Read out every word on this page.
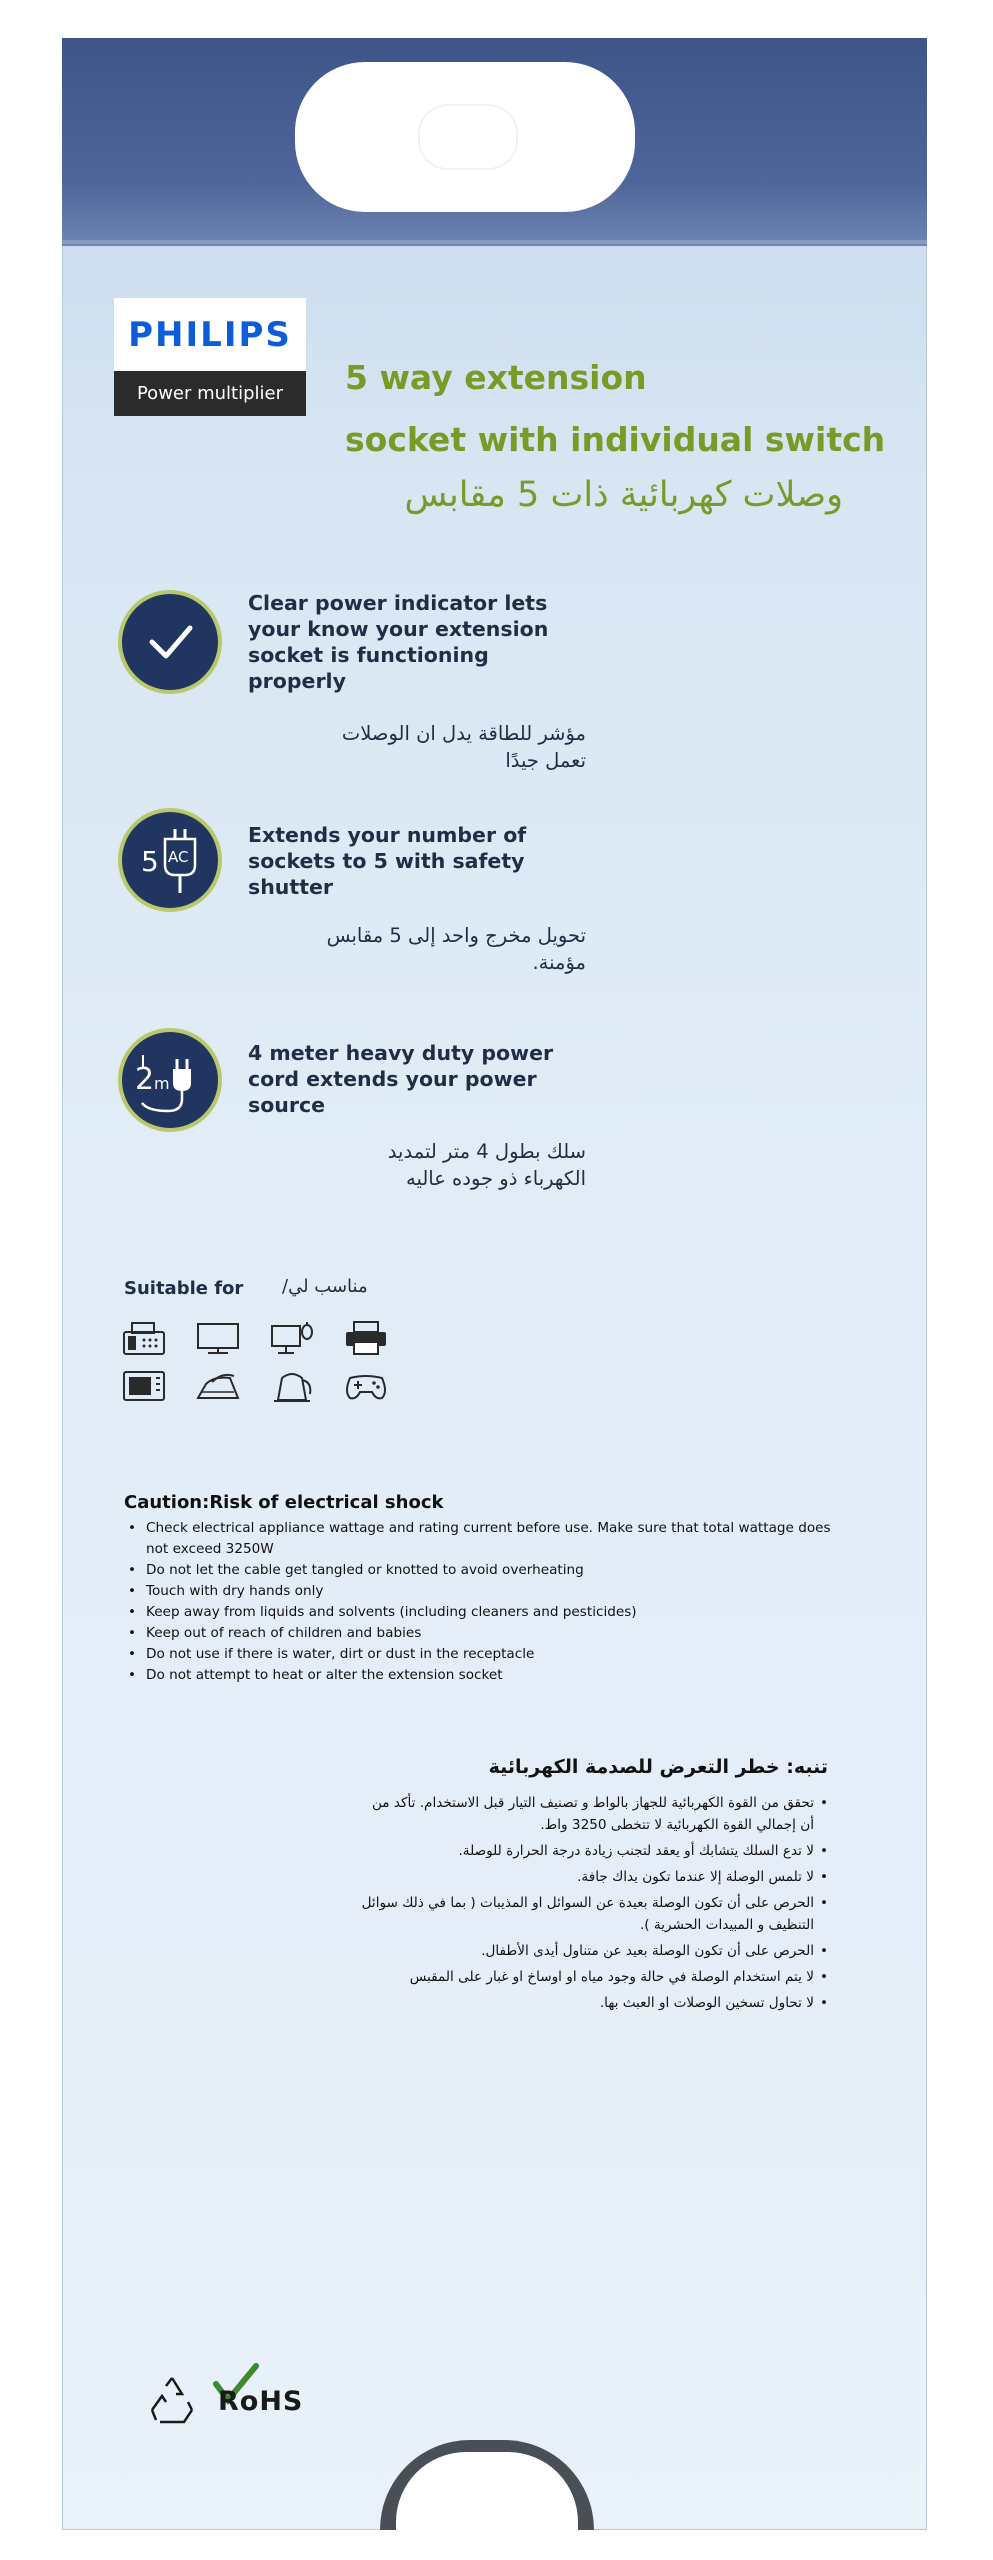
PHILIPS
Power multiplier	5 way extension
socket with individual switch
وصلات كهربائية ذات 5 مقابس
Clear power indicator lets your know your extension socket is functioning properly
مؤشر للطاقة يدل ان الوصلات تعمل جيدًا
5 AC
Extends your number of sockets to 5 with safety shutter
تحويل مخرج واحد إلى 5 مقابس مؤمنة.
2 m
4 meter heavy duty power cord extends your power source
سلك بطول 4 متر لتمديد الكهرباء ذو جوده عاليه
Suitable for مناسب لي/
Caution:Risk of electrical shock
• Check electrical appliance wattage and rating current before use. Make sure that total wattage does not exceed 3250W
• Do not let the cable get tangled or knotted to avoid overheating
• Touch with dry hands only
• Keep away from liquids and solvents (including cleaners and pesticides)
• Keep out of reach of children and babies
• Do not use if there is water, dirt or dust in the receptacle
• Do not attempt to heat or alter the extension socket
تنبه: خطر التعرض للصدمة الكهربائية
• تحقق من القوة الكهربائية للجهاز بالواط و تصنيف التيار قبل الاستخدام. تأكد من أن إجمالي القوة الكهربائية لا تتخطى 3250 واط.
• لا تدع السلك يتشابك أو يعقد لتجنب زيادة درجة الحرارة للوصلة.
• لا تلمس الوصلة إلا عندما تكون يداك جافة.
• الحرص على أن تكون الوصلة بعيدة عن السوائل او المذيبات ( بما في ذلك سوائل التنظيف و المبيدات الحشرية ).
• الحرص على أن تكون الوصلة بعيد عن متناول أيدى الأطفال.
• لا يتم استخدام الوصلة في حالة وجود مياه او اوساخ او غبار على المقبس
• لا تحاول تسخين الوصلات او العبث بها.
RoHS
